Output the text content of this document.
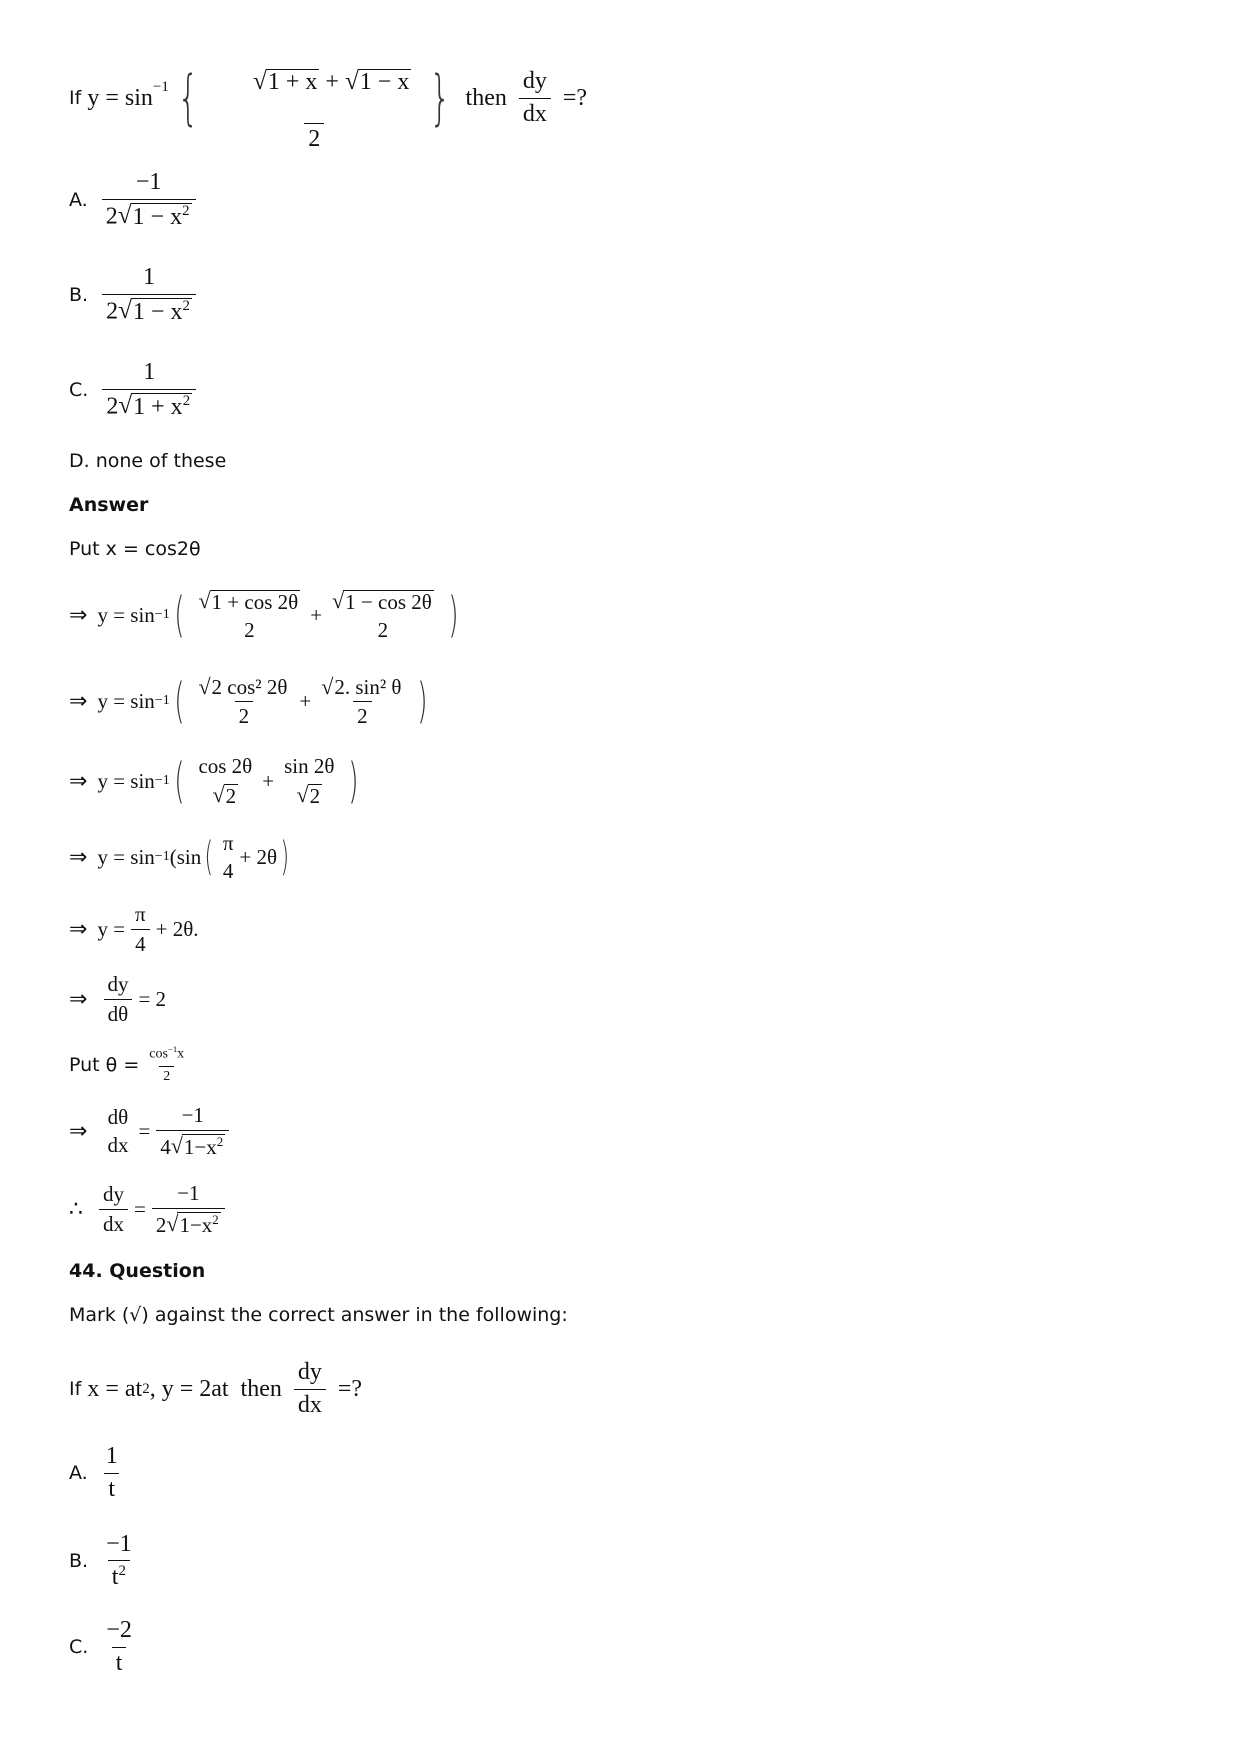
If y = sin −1 {

$\frac{√ 1 + x + √ 1 - x}{2}$ } then $\frac{dy}{dx}$ =?
A. $\frac{-1}{2 √ 1 - x^2}$
B. $\frac{1}{2 √ 1 - x^2}$
C. $\frac{1}{2 √ 1 + x^2}$
D. none of these
Answer
Put x = cos2θ
⇒ y = sin −1 ( √ 1 + cos 2θ
2
+
√ 1 − cos 2θ
2 )
⇒ y = sin −1 ( $\frac{\text{√ 2 cos² 2θ}}{2} + \frac{\text{√ 2. sin² θ}}{2}$ )
⇒ y = sin −1 ( cos 2θ
√ 2
+
sin 2θ
√ 2 )
⇒ y = sin −1 (sin ( π
4
+ 2θ )
⇒ $y = \frac{\pi}{4} + 2\theta$.
⇒ $\frac{dy}{d\theta} = 2$
Put $\theta = \frac{\cos^{-1}x}{2}$
⇒
dθ
dx
= $\frac{-1}{4 √ 1-x^2}$
∴ $\frac{dy}{dx} = \frac{-1}{2 √ 1-x^2}$
44. Question
Mark (√) against the correct answer in the following:
If x = at 2 , y = 2at  then $\frac{dy}{dx}$ =?
A. $\frac{1}{t}$
B. $\frac{-1}{t^2}$
C. $\frac{-2}{t}$
